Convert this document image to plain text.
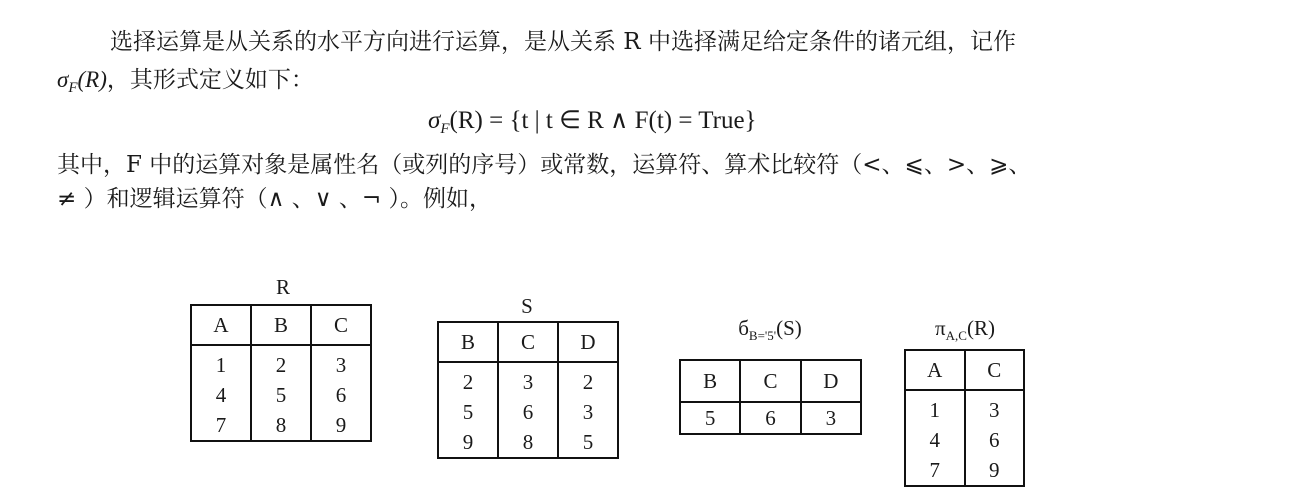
选择运算是从关系的水平方向进行运算，是从关系 R 中选择满足给定条件的诸元组，记作
$\sigma_F(R)$，其形式定义如下：
$\sigma_F(R) = \{t$ | t ∈ R ∧ F(t) = True}
其中，F 中的运算对象是属性名（或列的序号）或常数，运算符、算术比较符（<、⩽、>、⩾、
≠ ）和逻辑运算符（∧ 、∨ 、¬ ）。例如，
R
A
1
4
7
B
2
5
8
C
3
6
9
S
B
2
5
9
C
3
6
8
D
2
3
5
$б_{B='5'}(S)$
B
5
C
6
D
3
$\pi_{A,C}(R)$
A
1
4
7
C
3
6
9
